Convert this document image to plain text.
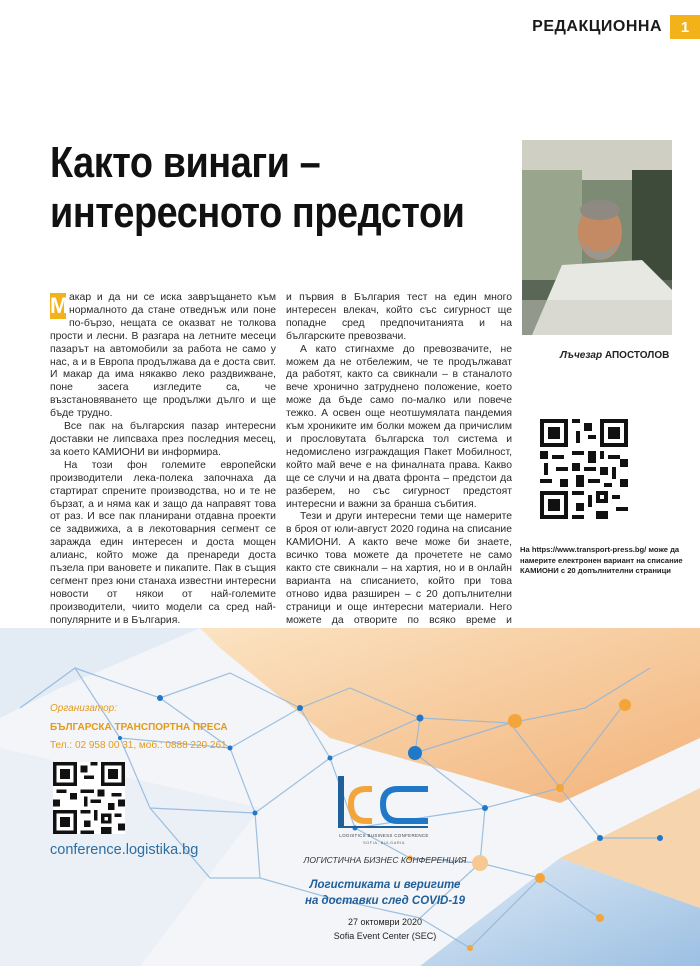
РЕДАКЦИОННА	1
Както винаги –
интересното предстои
Лъчезар АПОСТОЛОВ

М акар и да ни се иска завръщането към нормалното да стане отведнъж или поне по-бързо, нещата се оказват не толкова прости и лесни. В разгара на летните месеци пазарът на автомобили за работа не само у нас, а и в Европа продължава да е доста свит. И макар да има някакво леко раздвижване, поне засега изгледите са, че възстановяването ще продължи дълго и ще бъде трудно.

Все пак на българския пазар интересни доставки не липсваха през последния месец, за което КАМИОНИ ви информира.

На този фон големите европейски производители лека-полека започнаха да стартират спрените производства, но и те не бързат, а и няма как и защо да направят това от раз. И все пак планирани отдавна проекти се задвижиха, а в лекотоварния сегмент се заражда един интересен и доста мощен алианс, който може да пренареди доста пъзела при вановете и пикапите. Пак в същия сегмент през юни станаха известни интересни новости от някои от най-големите производители, чиито модели са сред най-популярните и в България.

и първия в България тест на един много интересен влекач, който със сигурност ще попадне сред предпочитанията и на българските превозвачи.

А като стигнахме до превозвачите, не можем да не отбележим, че те продължават да работят, както са свикнали – в станалото вече хронично затрудненo положение, което може да бъде само по-малко или повече тежко. А освен още неотшумялата пандемия към хрониките им болки можем да причислим и прословутата българска тол система и недомислено изграждащия Пакет Мобилност, който май вече е на финалната права. Какво ще се случи и на двата фронта – предстои да разберем, но със сигурност предстоят интересни и важни за бранша събития.

Тези и други интересни теми ще намерите в броя от юли-август 2020 година на списание КАМИОНИ. А както вече може би знаете, всичко това можете да прочетете не само както сте свикнали – на хартия, но и в онлайн варианта на списанието, който при това отново идва разширен – с 20 допълнителни страници и още интересни материали. Него можете да отворите по всяко време и

На https://www.transport-press.bg/ може да намерите електронен вариант на списание КАМИОНИ с 20 допълнителни страници
Организатор:
БЪЛГАРСКА ТРАНСПОРТНА ПРЕСА
Тел.: 02 958 00 31, моб.: 0888 220 261
conference.logistika.bg
LOGISTICS BUSINESS CONFERENCE
SOFIA, BULGARIA
ЛОГИСТИЧНА БИЗНЕС КОНФЕРЕНЦИЯ
Логистиката и веригите
на доставки след COVID-19
27 октомври 2020
Sofia Event Center (SEC)
